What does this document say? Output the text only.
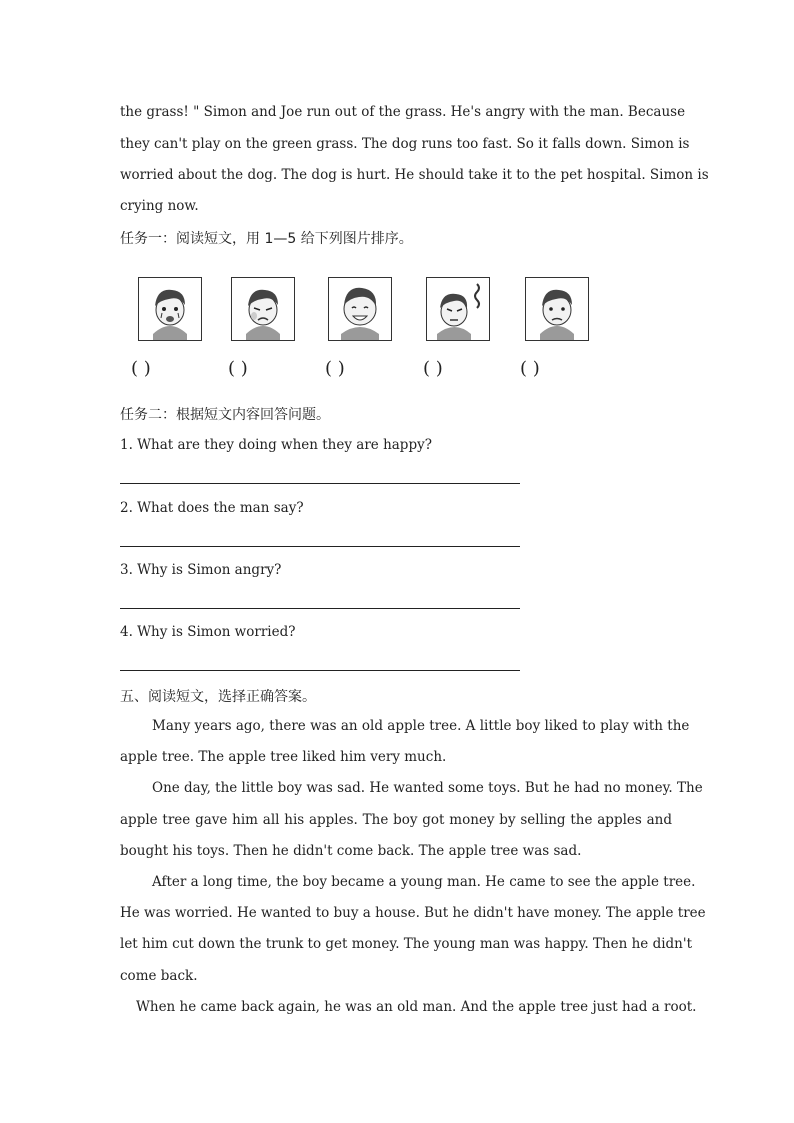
the grass! " Simon and Joe run out of the grass. He's angry with the man. Because
they can't play on the green grass. The dog runs too fast. So it falls down. Simon is
worried about the dog. The dog is hurt. He should take it to the pet hospital. Simon is
crying now.
任务一：阅读短文，用 1—5 给下列图片排序。
( )	( )	( )	( )	( )
任务二：根据短文内容回答问题。
1. What are they doing when they are happy?
2. What does the man say?
3. Why is Simon angry?
4. Why is Simon worried?
五、阅读短文，选择正确答案。
Many years ago, there was an old apple tree. A little boy liked to play with the
apple tree. The apple tree liked him very much.
One day, the little boy was sad. He wanted some toys. But he had no money. The
apple tree gave him all his apples. The boy got money by selling the apples and
bought his toys. Then he didn't come back. The apple tree was sad.
After a long time, the boy became a young man. He came to see the apple tree.
He was worried. He wanted to buy a house. But he didn't have money. The apple tree
let him cut down the trunk to get money. The young man was happy. Then he didn't
come back.
When he came back again, he was an old man. And the apple tree just had a root.
